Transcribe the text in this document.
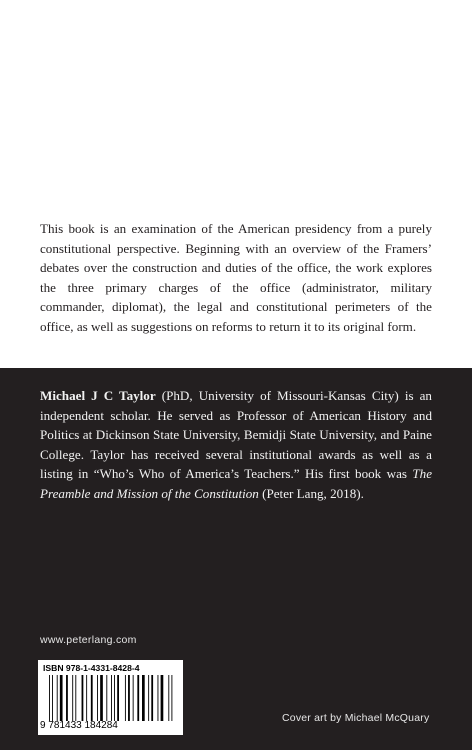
This book is an examination of the American presidency from a purely constitutional perspective. Beginning with an overview of the Framers’ debates over the construction and duties of the office, the work explores the three primary charges of the office (administrator, military commander, diplomat), the legal and constitutional perimeters of the office, as well as suggestions on reforms to return it to its original form.

Michael J C Taylor (PhD, University of Missouri-Kansas City) is an independent scholar. He served as Professor of American History and Politics at Dickinson State University, Bemidji State University, and Paine College. Taylor has received several institutional awards as well as a listing in “Who’s Who of America’s Teachers.” His first book was The Preamble and Mission of the Constitution (Peter Lang, 2018).

www.peterlang.com
ISBN 978-1-4331-8428-4
9 781433 184284
Cover art by Michael McQuary
